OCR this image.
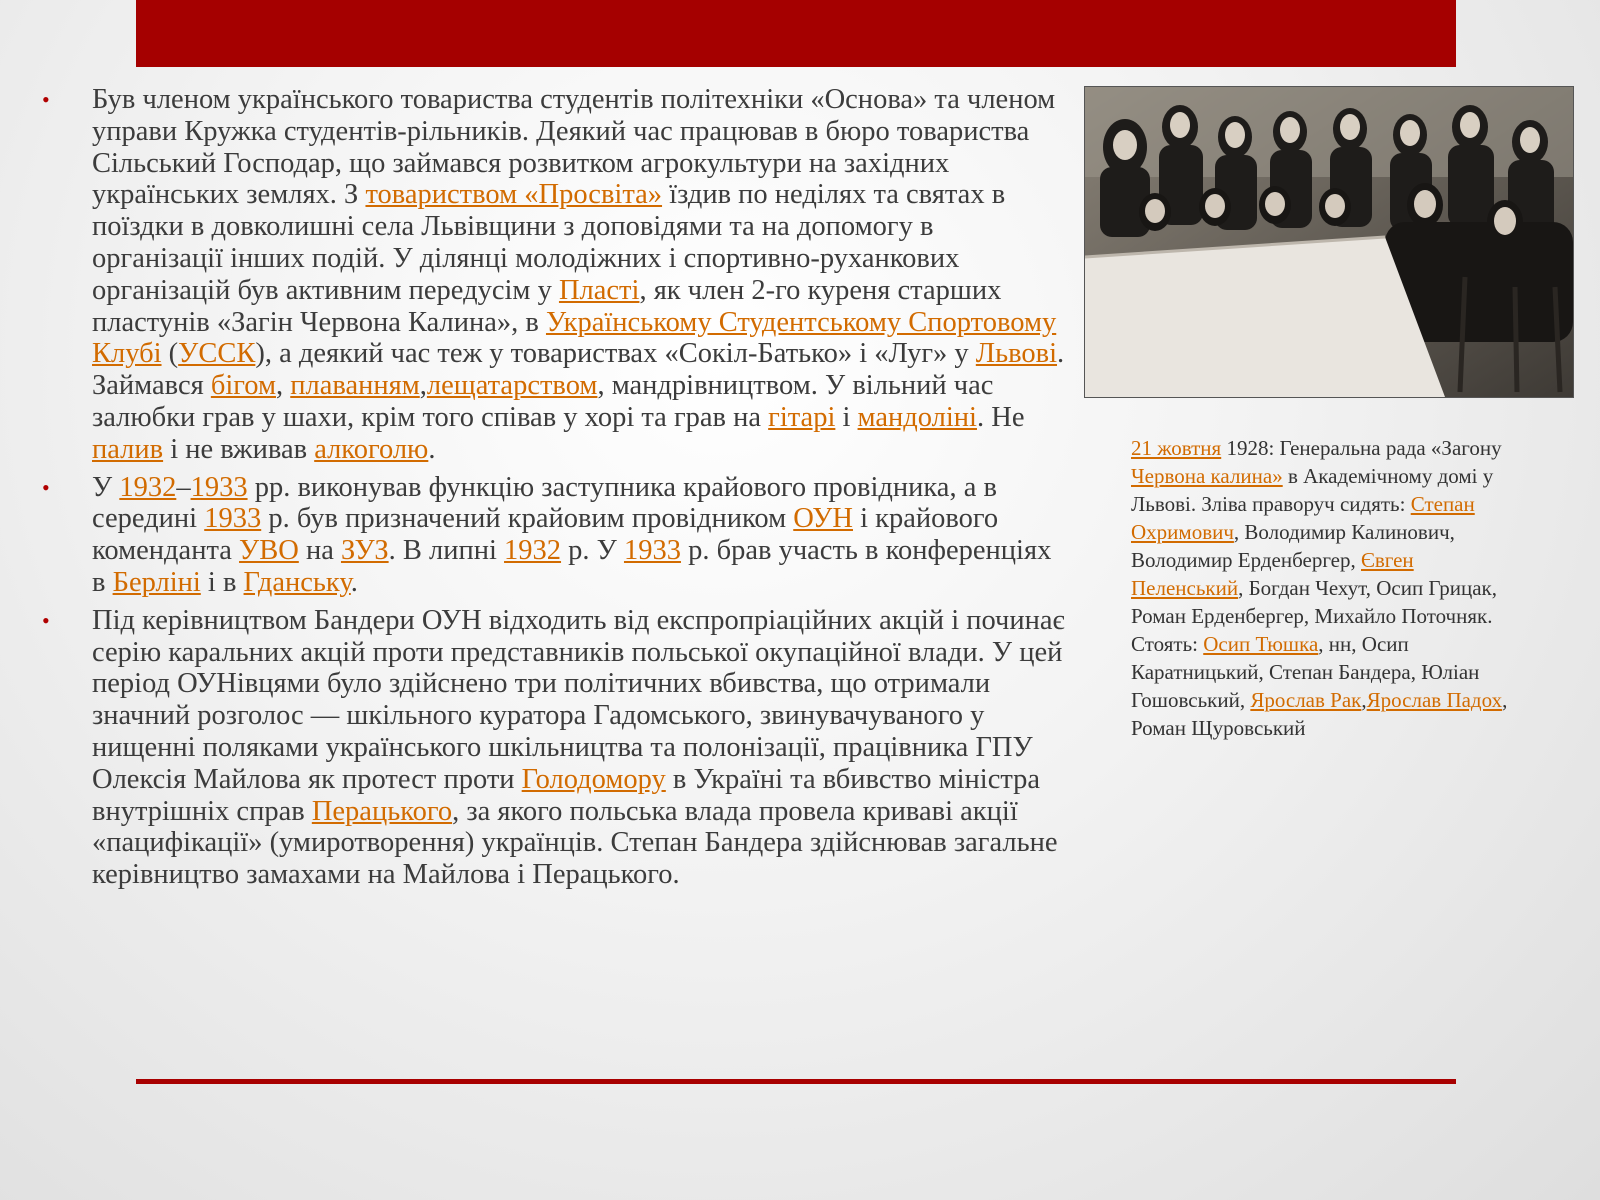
• Був членом українського товариства студентів політехніки «Основа» та членом управи Кружка студентів-рільників. Деякий час працював в бюро товариства Сільський Господар, що займався розвитком агрокультури на західних українських землях. З товариством «Просвіта» їздив по неділях та святах в поїздки в довколишні села Львівщини з доповідями та на допомогу в організації інших подій. У ділянці молодіжних і спортивно-руханкових організацій був активним передусім у Пласті, як член 2-го куреня старших пластунів «Загін Червона Калина», в Українському Студентському Спортовому Клубі (УССК), а деякий час теж у товариствах «Сокіл-Батько» і «Луг» у Львові. Займався бігом, плаванням,лещатарством, мандрівництвом. У вільний час залюбки грав у шахи, крім того співав у хорі та грав на гітарі і мандоліні. Не палив і не вживав алкоголю.
• У 1932–1933 рр. виконував функцію заступника крайового провідника, а в середині 1933 р. був призначений крайовим провідником ОУН і крайового коменданта УВО на ЗУЗ. В липні 1932 р. У 1933 р. брав участь в конференціях в Берліні і в Гданську.
• Під керівництвом Бандери ОУН відходить від експропріаційних акцій і починає серію каральних акцій проти представників польської окупаційної влади. У цей період ОУНівцями було здійснено три політичних вбивства, що отримали значний розголос — шкільного куратора Гадомського, звинувачуваного у нищенні поляками українського шкільництва та полонізації, працівника ГПУ Олексія Майлова як протест проти Голодомору в Україні та вбивство міністра внутрішніх справ Перацького, за якого польська влада провела криваві акції «пацифікації» (умиротворення) українців. Степан Бандера здійснював загальне керівництво замахами на Майлова і Перацького.
21 жовтня 1928: Генеральна рада «Загону Червона калина» в Академічному домі у Львові. Зліва праворуч сидять: Степан Охримович, Володимир Калинович, Володимир Ерденбергер, Євген Пеленський, Богдан Чехут, Осип Грицак, Роман Ерденбергер, Михайло Поточняк. Стоять: Осип Тюшка, нн, Осип Каратницький, Степан Бандера, Юліан Гошовський, Ярослав Рак,Ярослав Падох, Роман Щуровський
